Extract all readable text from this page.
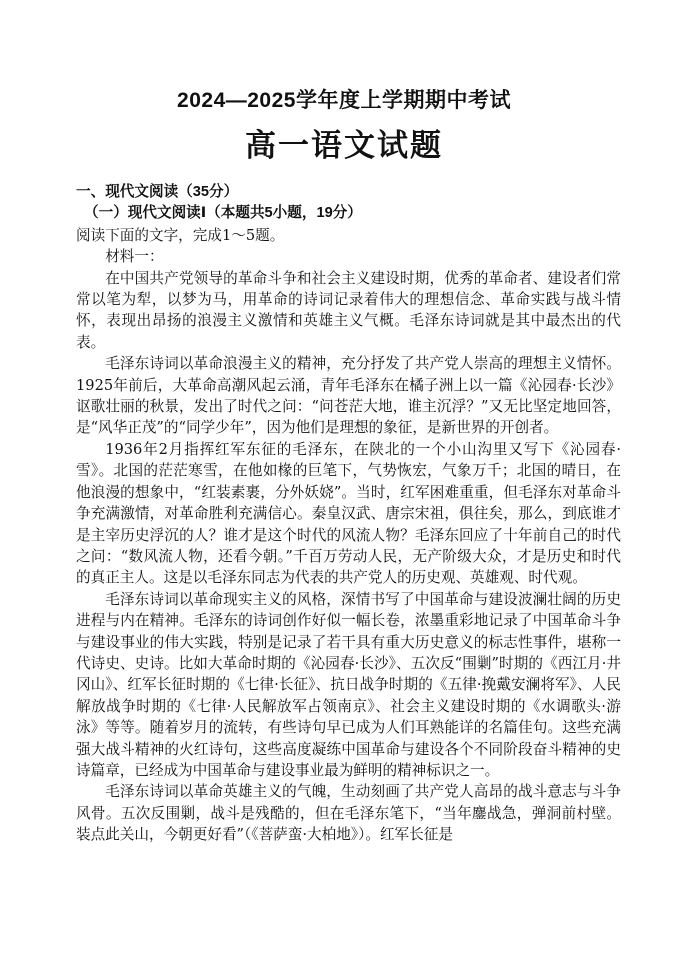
2024—2025学年度上学期期中考试
高一语文试题

一、现代文阅读（35分）

（一）现代文阅读Ⅰ（本题共5小题，19分）

阅读下面的文字，完成1～5题。

材料一：

在中国共产党领导的革命斗争和社会主义建设时期，优秀的革命者、建设者们常常以笔为犁，以梦为马，用革命的诗词记录着伟大的理想信念、革命实践与战斗情怀，表现出昂扬的浪漫主义激情和英雄主义气概。毛泽东诗词就是其中最杰出的代表。

毛泽东诗词以革命浪漫主义的精神，充分抒发了共产党人崇高的理想主义情怀。1925年前后，大革命高潮风起云涌，青年毛泽东在橘子洲上以一篇《沁园春·长沙》讴歌壮丽的秋景，发出了时代之问：“问苍茫大地，谁主沉浮？”又无比坚定地回答，是“风华正茂”的“同学少年”，因为他们是理想的象征，是新世界的开创者。

1936年2月指挥红军东征的毛泽东，在陕北的一个小山沟里又写下《沁园春·雪》。北国的茫茫寒雪，在他如椽的巨笔下，气势恢宏，气象万千；北国的晴日，在他浪漫的想象中，“红装素裹，分外妖娆”。当时，红军困难重重，但毛泽东对革命斗争充满激情，对革命胜利充满信心。秦皇汉武、唐宗宋祖，俱往矣，那么，到底谁才是主宰历史浮沉的人？谁才是这个时代的风流人物？毛泽东回应了十年前自己的时代之问：“数风流人物，还看今朝。”千百万劳动人民，无产阶级大众，才是历史和时代的真正主人。这是以毛泽东同志为代表的共产党人的历史观、英雄观、时代观。

毛泽东诗词以革命现实主义的风格，深情书写了中国革命与建设波澜壮阔的历史进程与内在精神。毛泽东的诗词创作好似一幅长卷，浓墨重彩地记录了中国革命斗争与建设事业的伟大实践，特别是记录了若干具有重大历史意义的标志性事件，堪称一代诗史、史诗。比如大革命时期的《沁园春·长沙》、五次反“围剿”时期的《西江月·井冈山》、红军长征时期的《七律·长征》、抗日战争时期的《五律·挽戴安澜将军》、人民解放战争时期的《七律·人民解放军占领南京》、社会主义建设时期的《水调歌头·游泳》等等。随着岁月的流转，有些诗句早已成为人们耳熟能详的名篇佳句。这些充满强大战斗精神的火红诗句，这些高度凝练中国革命与建设各个不同阶段奋斗精神的史诗篇章，已经成为中国革命与建设事业最为鲜明的精神标识之一。

毛泽东诗词以革命英雄主义的气魄，生动刻画了共产党人高昂的战斗意志与斗争风骨。五次反围剿，战斗是残酷的，但在毛泽东笔下，“当年鏖战急，弹洞前村壁。装点此关山，今朝更好看”（《菩萨蛮·大柏地》）。红军长征是
